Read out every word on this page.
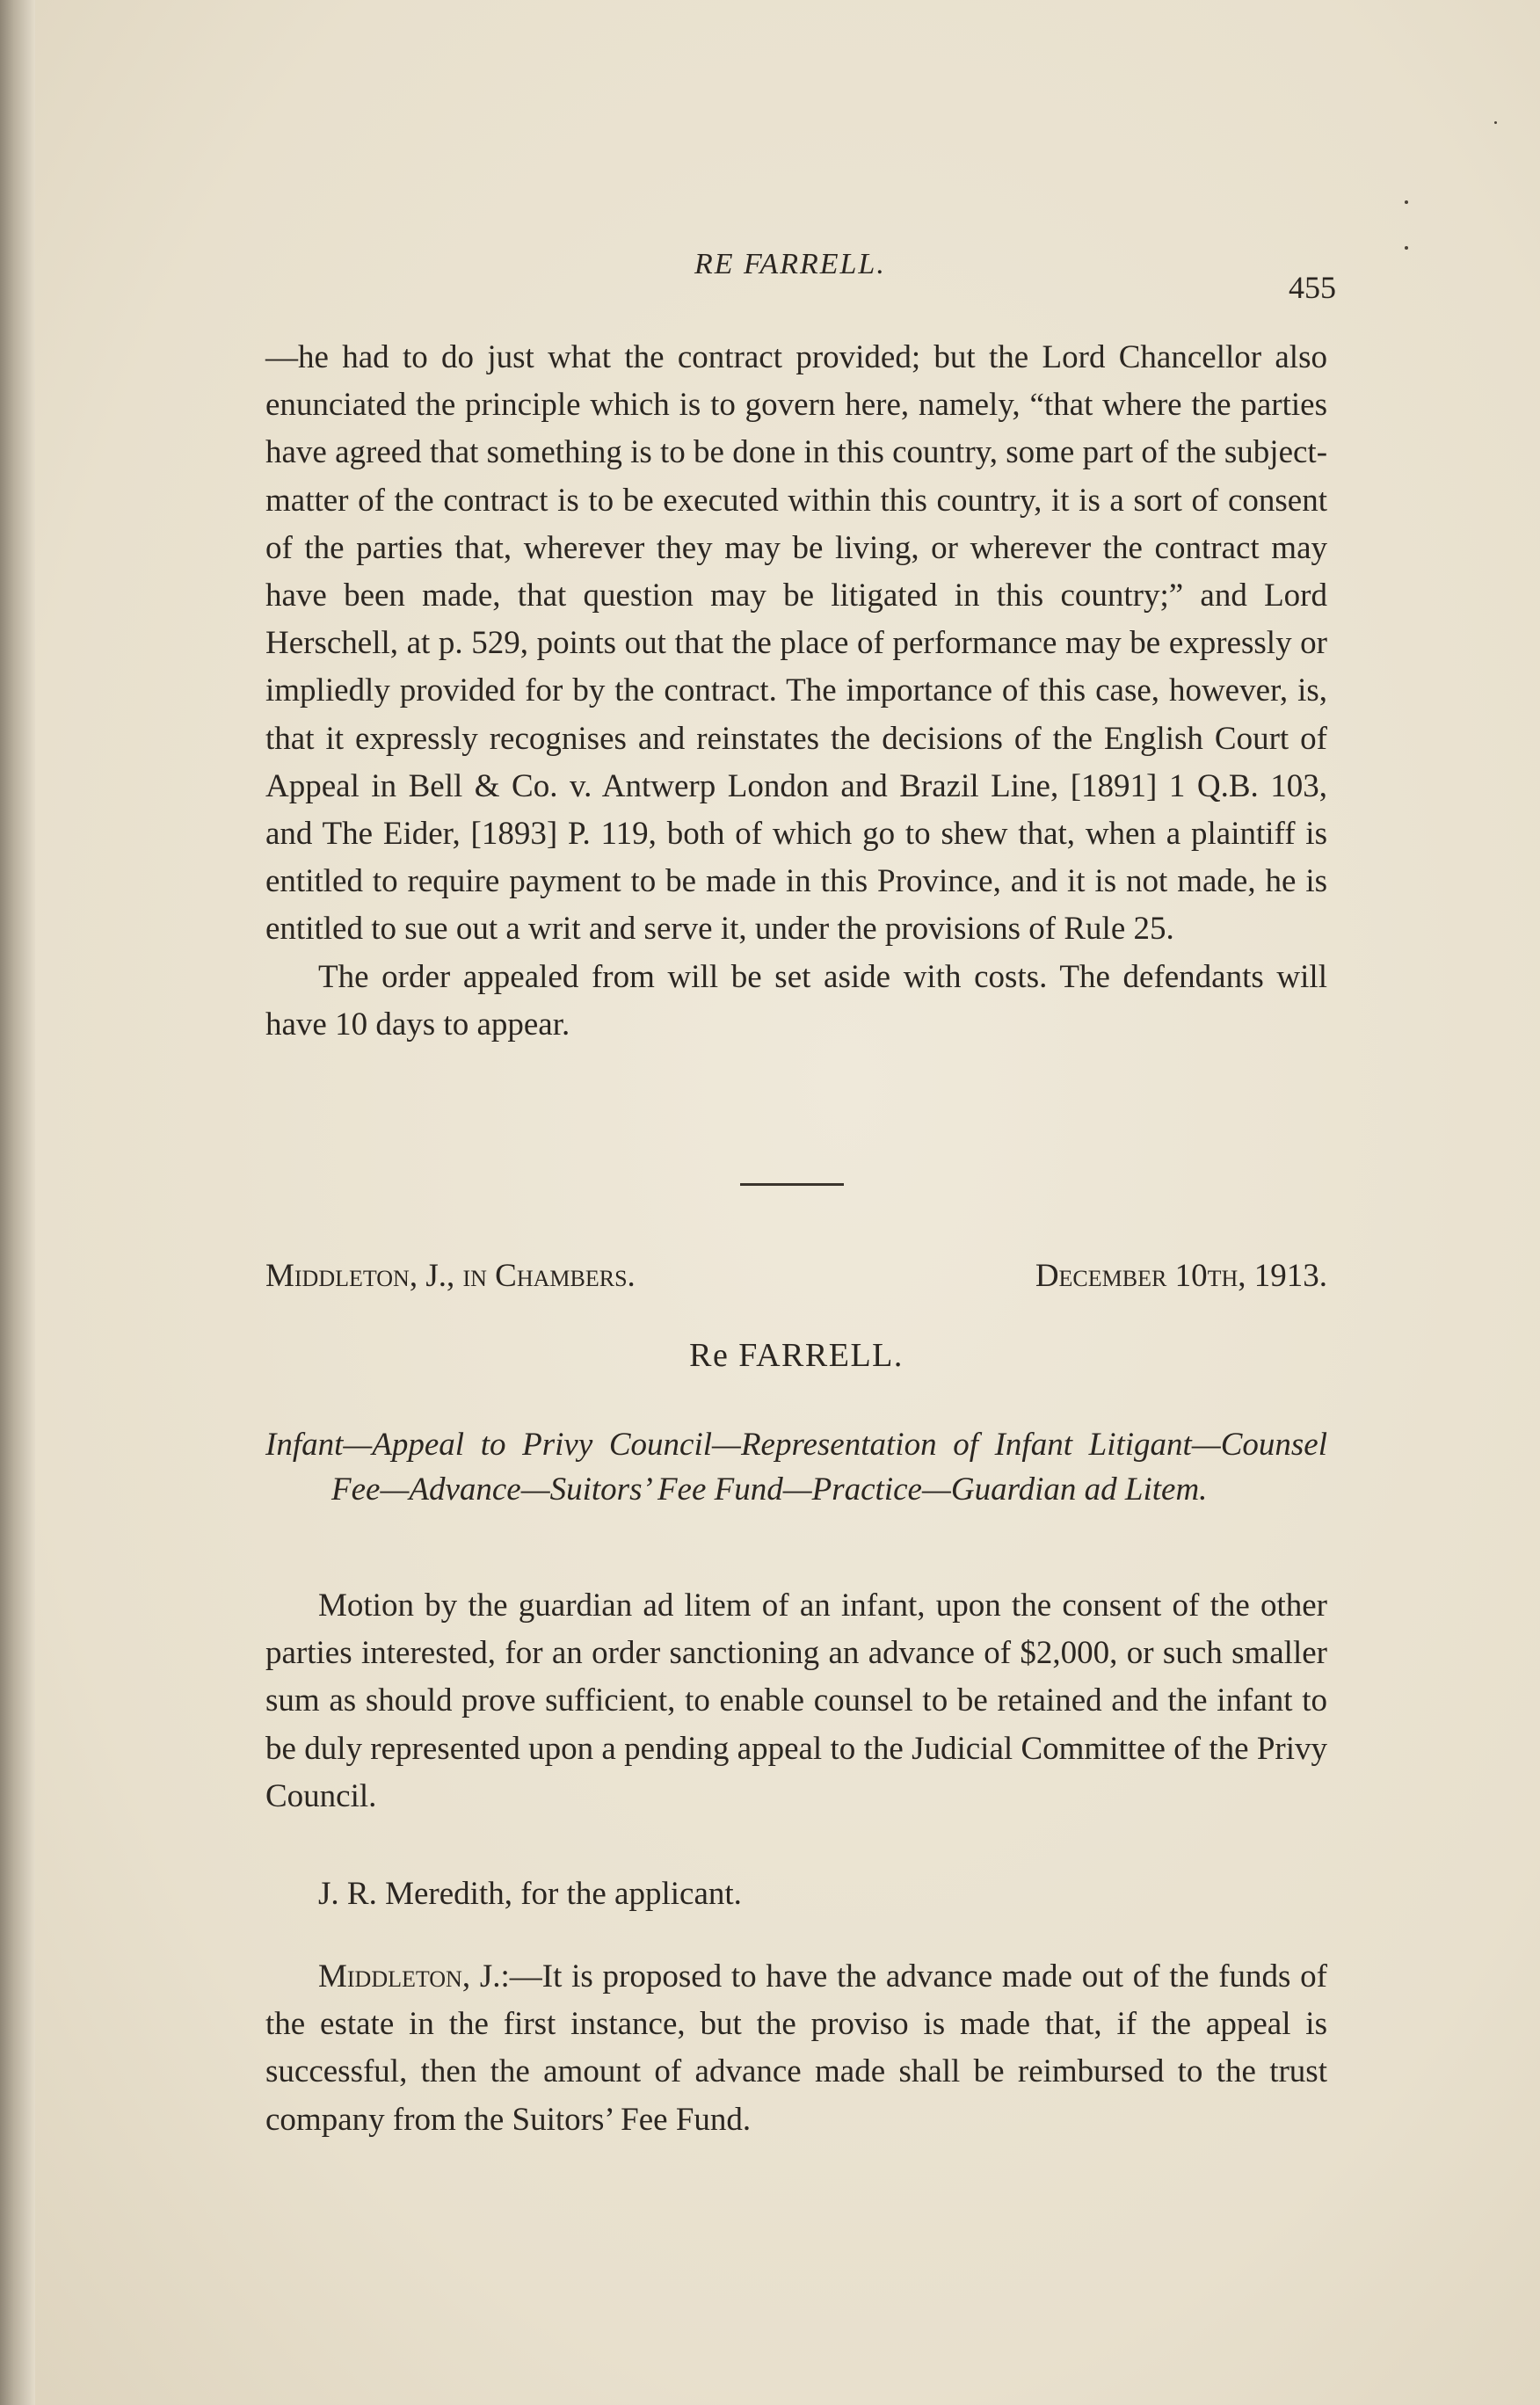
RE FARRELL.
455

—he had to do just what the contract provided; but the Lord Chancellor also enunciated the principle which is to govern here, namely, “that where the parties have agreed that something is to be done in this country, some part of the subject-matter of the contract is to be executed within this country, it is a sort of consent of the parties that, wherever they may be living, or wherever the contract may have been made, that question may be litigated in this country;” and Lord Herschell, at p. 529, points out that the place of performance may be expressly or impliedly provided for by the contract. The importance of this case, however, is, that it expressly recognises and reinstates the decisions of the English Court of Appeal in Bell & Co. v. Antwerp London and Brazil Line, [1891] 1 Q.B. 103, and The Eider, [1893] P. 119, both of which go to shew that, when a plaintiff is entitled to require payment to be made in this Province, and it is not made, he is entitled to sue out a writ and serve it, under the provisions of Rule 25.

The order appealed from will be set aside with costs. The defendants will have 10 days to appear.

Middleton, J., in Chambers.	December 10th, 1913.
Re FARRELL.
Infant—Appeal to Privy Council—Representation of Infant Litigant—Counsel Fee—Advance—Suitors’ Fee Fund—Practice—Guardian ad Litem.

Motion by the guardian ad litem of an infant, upon the consent of the other parties interested, for an order sanctioning an advance of $2,000, or such smaller sum as should prove sufficient, to enable counsel to be retained and the infant to be duly represented upon a pending appeal to the Judicial Committee of the Privy Council.

J. R. Meredith, for the applicant.

Middleton, J.:—It is proposed to have the advance made out of the funds of the estate in the first instance, but the proviso is made that, if the appeal is successful, then the amount of advance made shall be reimbursed to the trust company from the Suitors’ Fee Fund.
